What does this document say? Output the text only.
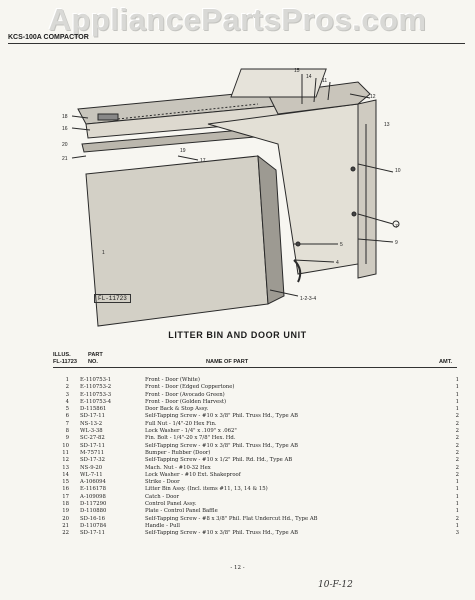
AppliancePartsPros.com
KCS-100A COMPACTOR
15
14
11
12
18
16
20
21	17
19
1
10
7
5	9
4
13
1-2-3-4
FL-11723
LITTER BIN AND DOOR UNIT
ILLUS.
FL-11723
PART
NO.	NAME OF PART	AMT.
1 E-110753-1	Front - Door (White)	1
2 E-110753-2	Front - Door (Edged Coppertone)	1
3 E-110753-3	Front - Door (Avocado Green)	1
4 E-110753-4	Front - Door (Golden Harvest)	1
5 D-115861	Door Back & Stop Assy.	1
6 SD-17-11	Self-Tapping Screw - #10 x 3/8" Phil. Truss Hd., Type AB	2
7 NS-13-2	Full Nut - 1/4"-20 Hex Fin.	2
8 WL-3-38	Lock Washer - 1/4" x .109" x .062"	2
9 SC-27-82	Fin. Bolt - 1/4"-20 x 7/8" Hex. Hd.	2
10 SD-17-11	Self-Tapping Screw - #10 x 3/8" Phil. Truss Hd., Type AB	2
11 M-75711	Bumper - Rubber (Door)	2
12 SD-17-32	Self-Tapping Screw - #10 x 1/2" Phil. Rd. Hd., Type AB	2
13 NS-9-20	Mach. Nut - #10-32 Hex	2
14 WL-7-11	Lock Washer - #10 Ext. Shakeproof	2
15 A-106094	Strike - Door	1
16 E-116178	Litter Bin Assy. (Incl. items #11, 13, 14 & 15)	1
17 A-109098	Catch - Door	1
18 D-117290	Control Panel Assy.	1
19 D-110880	Plate - Control Panel Baffle	1
20 SD-16-16	Self-Tapping Screw - #8 x 3/8" Phil. Flat Undercut Hd., Type AB	2
21 D-110784	Handle - Pull	1
22 SD-17-11	Self-Tapping Screw - #10 x 3/8" Phil. Truss Hd., Type AB	3
- 12 -
10-F-12
